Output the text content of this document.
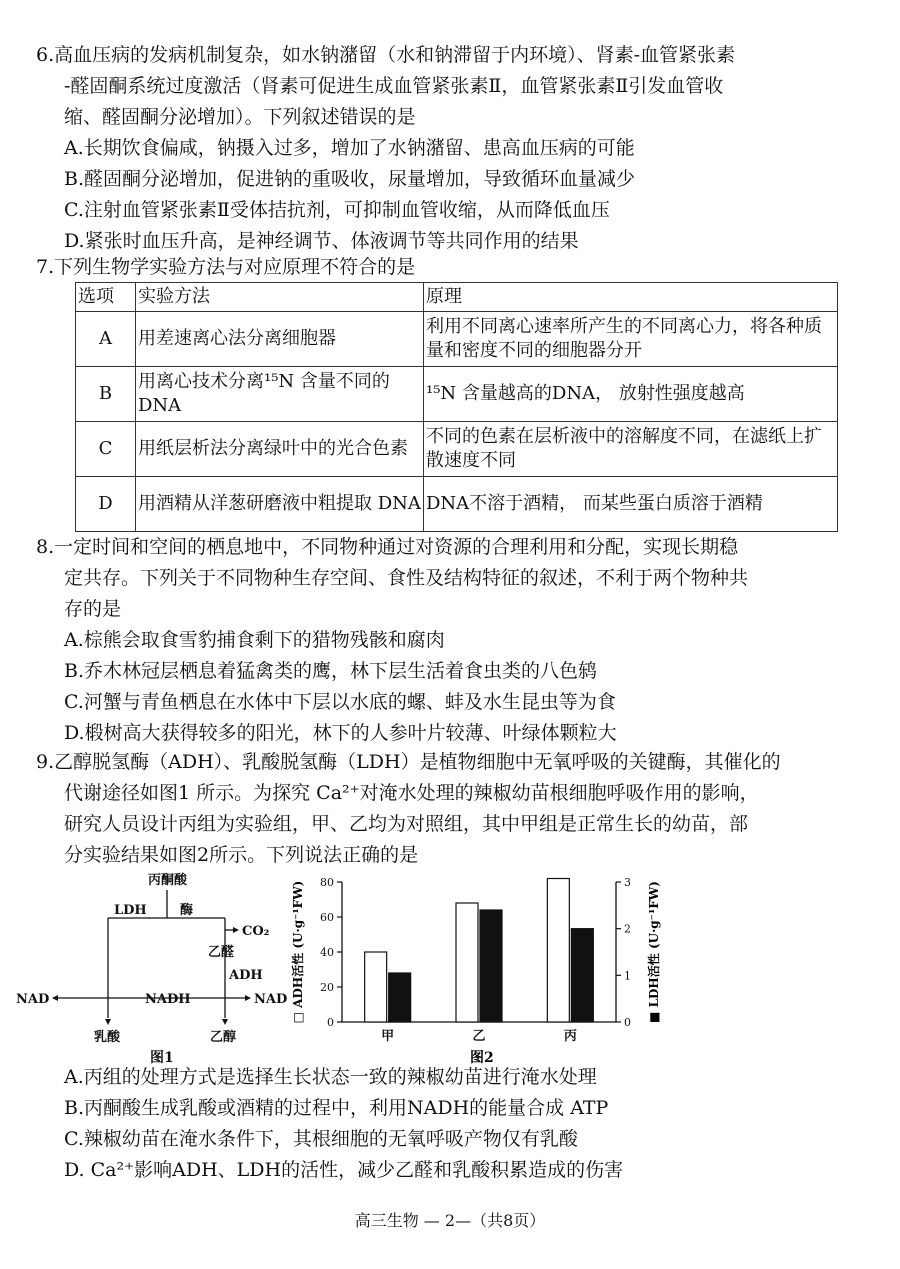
6.高血压病的发病机制复杂，如水钠潴留（水和钠滞留于内环境）、肾素-血管紧张素
-醛固酮系统过度激活（肾素可促进生成血管紧张素Ⅱ，血管紧张素Ⅱ引发血管收
缩、醛固酮分泌增加）。下列叙述错误的是
A.长期饮食偏咸，钠摄入过多，增加了水钠潴留、患高血压病的可能
B.醛固酮分泌增加，促进钠的重吸收，尿量增加，导致循环血量减少
C.注射血管紧张素Ⅱ受体拮抗剂，可抑制血管收缩，从而降低血压
D.紧张时血压升高，是神经调节、体液调节等共同作用的结果
7.下列生物学实验方法与对应原理不符合的是
选项	实验方法	原理
A	用差速离心法分离细胞器	利用不同离心速率所产生的不同离心力，将各种质量和密度不同的细胞器分开
B	用离心技术分离¹⁵N 含量不同的 DNA	¹⁵N 含量越高的DNA， 放射性强度越高
C	用纸层析法分离绿叶中的光合色素	不同的色素在层析液中的溶解度不同，在滤纸上扩散速度不同
D	用酒精从洋葱研磨液中粗提取 DNA	DNA不溶于酒精， 而某些蛋白质溶于酒精
8.一定时间和空间的栖息地中，不同物种通过对资源的合理利用和分配，实现长期稳
定共存。下列关于不同物种生存空间、食性及结构特征的叙述，不利于两个物种共
存的是
A.棕熊会取食雪豹捕食剩下的猎物残骸和腐肉
B.乔木林冠层栖息着猛禽类的鹰，林下层生活着食虫类的八色鸫
C.河蟹与青鱼栖息在水体中下层以水底的螺、蚌及水生昆虫等为食
D.椴树高大获得较多的阳光，林下的人参叶片较薄、叶绿体颗粒大
9.乙醇脱氢酶（ADH）、乳酸脱氢酶（LDH）是植物细胞中无氧呼吸的关键酶，其催化的
代谢途径如图1 所示。为探究 Ca²⁺对淹水处理的辣椒幼苗根细胞呼吸作用的影响，
研究人员设计丙组为实验组，甲、乙均为对照组，其中甲组是正常生长的幼苗，部
分实验结果如图2所示。下列说法正确的是
丙酮酸
LDH	酶
CO₂
乙醛
ADH
NAD	NADH	NAD
乳酸	乙醇
图1
0
20
40
60
80
0
1
2
3
甲	乙	丙
□ ADH活性 (U·g⁻¹FW)	■ LDH活性 (U·g⁻¹FW)
图2
A.丙组的处理方式是选择生长状态一致的辣椒幼苗进行淹水处理
B.丙酮酸生成乳酸或酒精的过程中，利用NADH的能量合成 ATP
C.辣椒幼苗在淹水条件下，其根细胞的无氧呼吸产物仅有乳酸
D. Ca²⁺影响ADH、LDH的活性，减少乙醛和乳酸积累造成的伤害
高三生物 — 2—（共8页）
